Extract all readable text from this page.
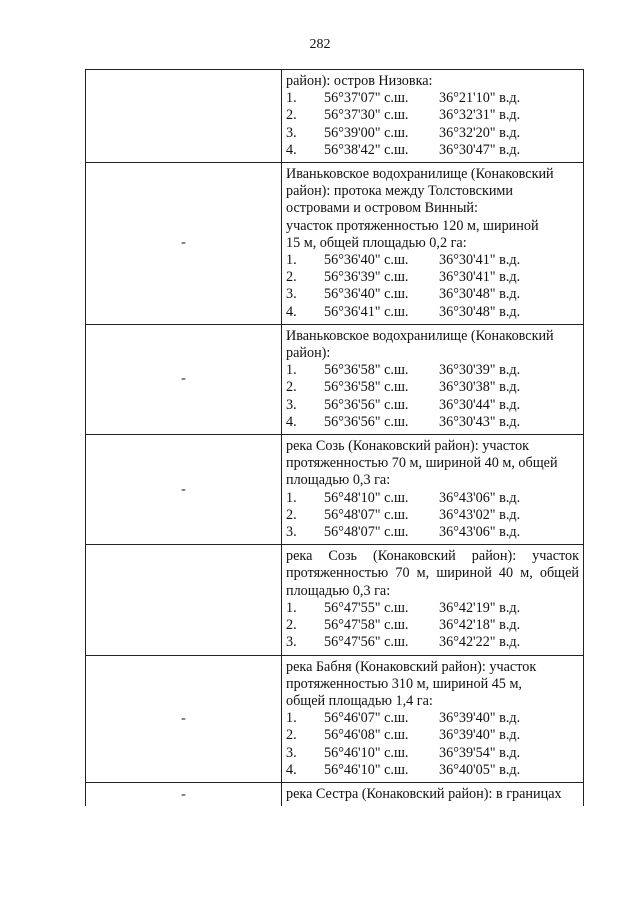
282
район): остров Низовка:
1.	56°37'07" с.ш.	36°21'10" в.д.
2.	56°37'30" с.ш.	36°32'31" в.д.
3.	56°39'00" с.ш.	36°32'20" в.д.
4.	56°38'42" с.ш.	36°30'47" в.д.
-
Иваньковское водохранилище (Конаковский
район): протока между Толстовскими
островами и островом Винный:
участок протяженностью 120 м, шириной
15 м, общей площадью 0,2 га:
1.	56°36'40" с.ш.	36°30'41" в.д.
2.	56°36'39" с.ш.	36°30'41" в.д.
3.	56°36'40" с.ш.	36°30'48" в.д.
4.	56°36'41" с.ш.	36°30'48" в.д.
-
Иваньковское водохранилище (Конаковский
район):
1.	56°36'58" с.ш.	36°30'39" в.д.
2.	56°36'58" с.ш.	36°30'38" в.д.
3.	56°36'56" с.ш.	36°30'44" в.д.
4.	56°36'56" с.ш.	36°30'43" в.д.
-
река Созь (Конаковский район): участок
протяженностью 70 м, шириной 40 м, общей
площадью 0,3 га:
1.	56°48'10" с.ш.	36°43'06" в.д.
2.	56°48'07" с.ш.	36°43'02" в.д.
3.	56°48'07" с.ш.	36°43'06" в.д.
река Созь (Конаковский район): участок протяженностью 70 м, шириной 40 м, общей площадью 0,3 га:
1.	56°47'55" с.ш.	36°42'19" в.д.
2.	56°47'58" с.ш.	36°42'18" в.д.
3.	56°47'56" с.ш.	36°42'22" в.д.
-
река Бабня (Конаковский район): участок
протяженностью 310 м, шириной 45 м,
общей площадью 1,4 га:
1.	56°46'07" с.ш.	36°39'40" в.д.
2.	56°46'08" с.ш.	36°39'40" в.д.
3.	56°46'10" с.ш.	36°39'54" в.д.
4.	56°46'10" с.ш.	36°40'05" в.д.
-	река Сестра (Конаковский район): в границах
